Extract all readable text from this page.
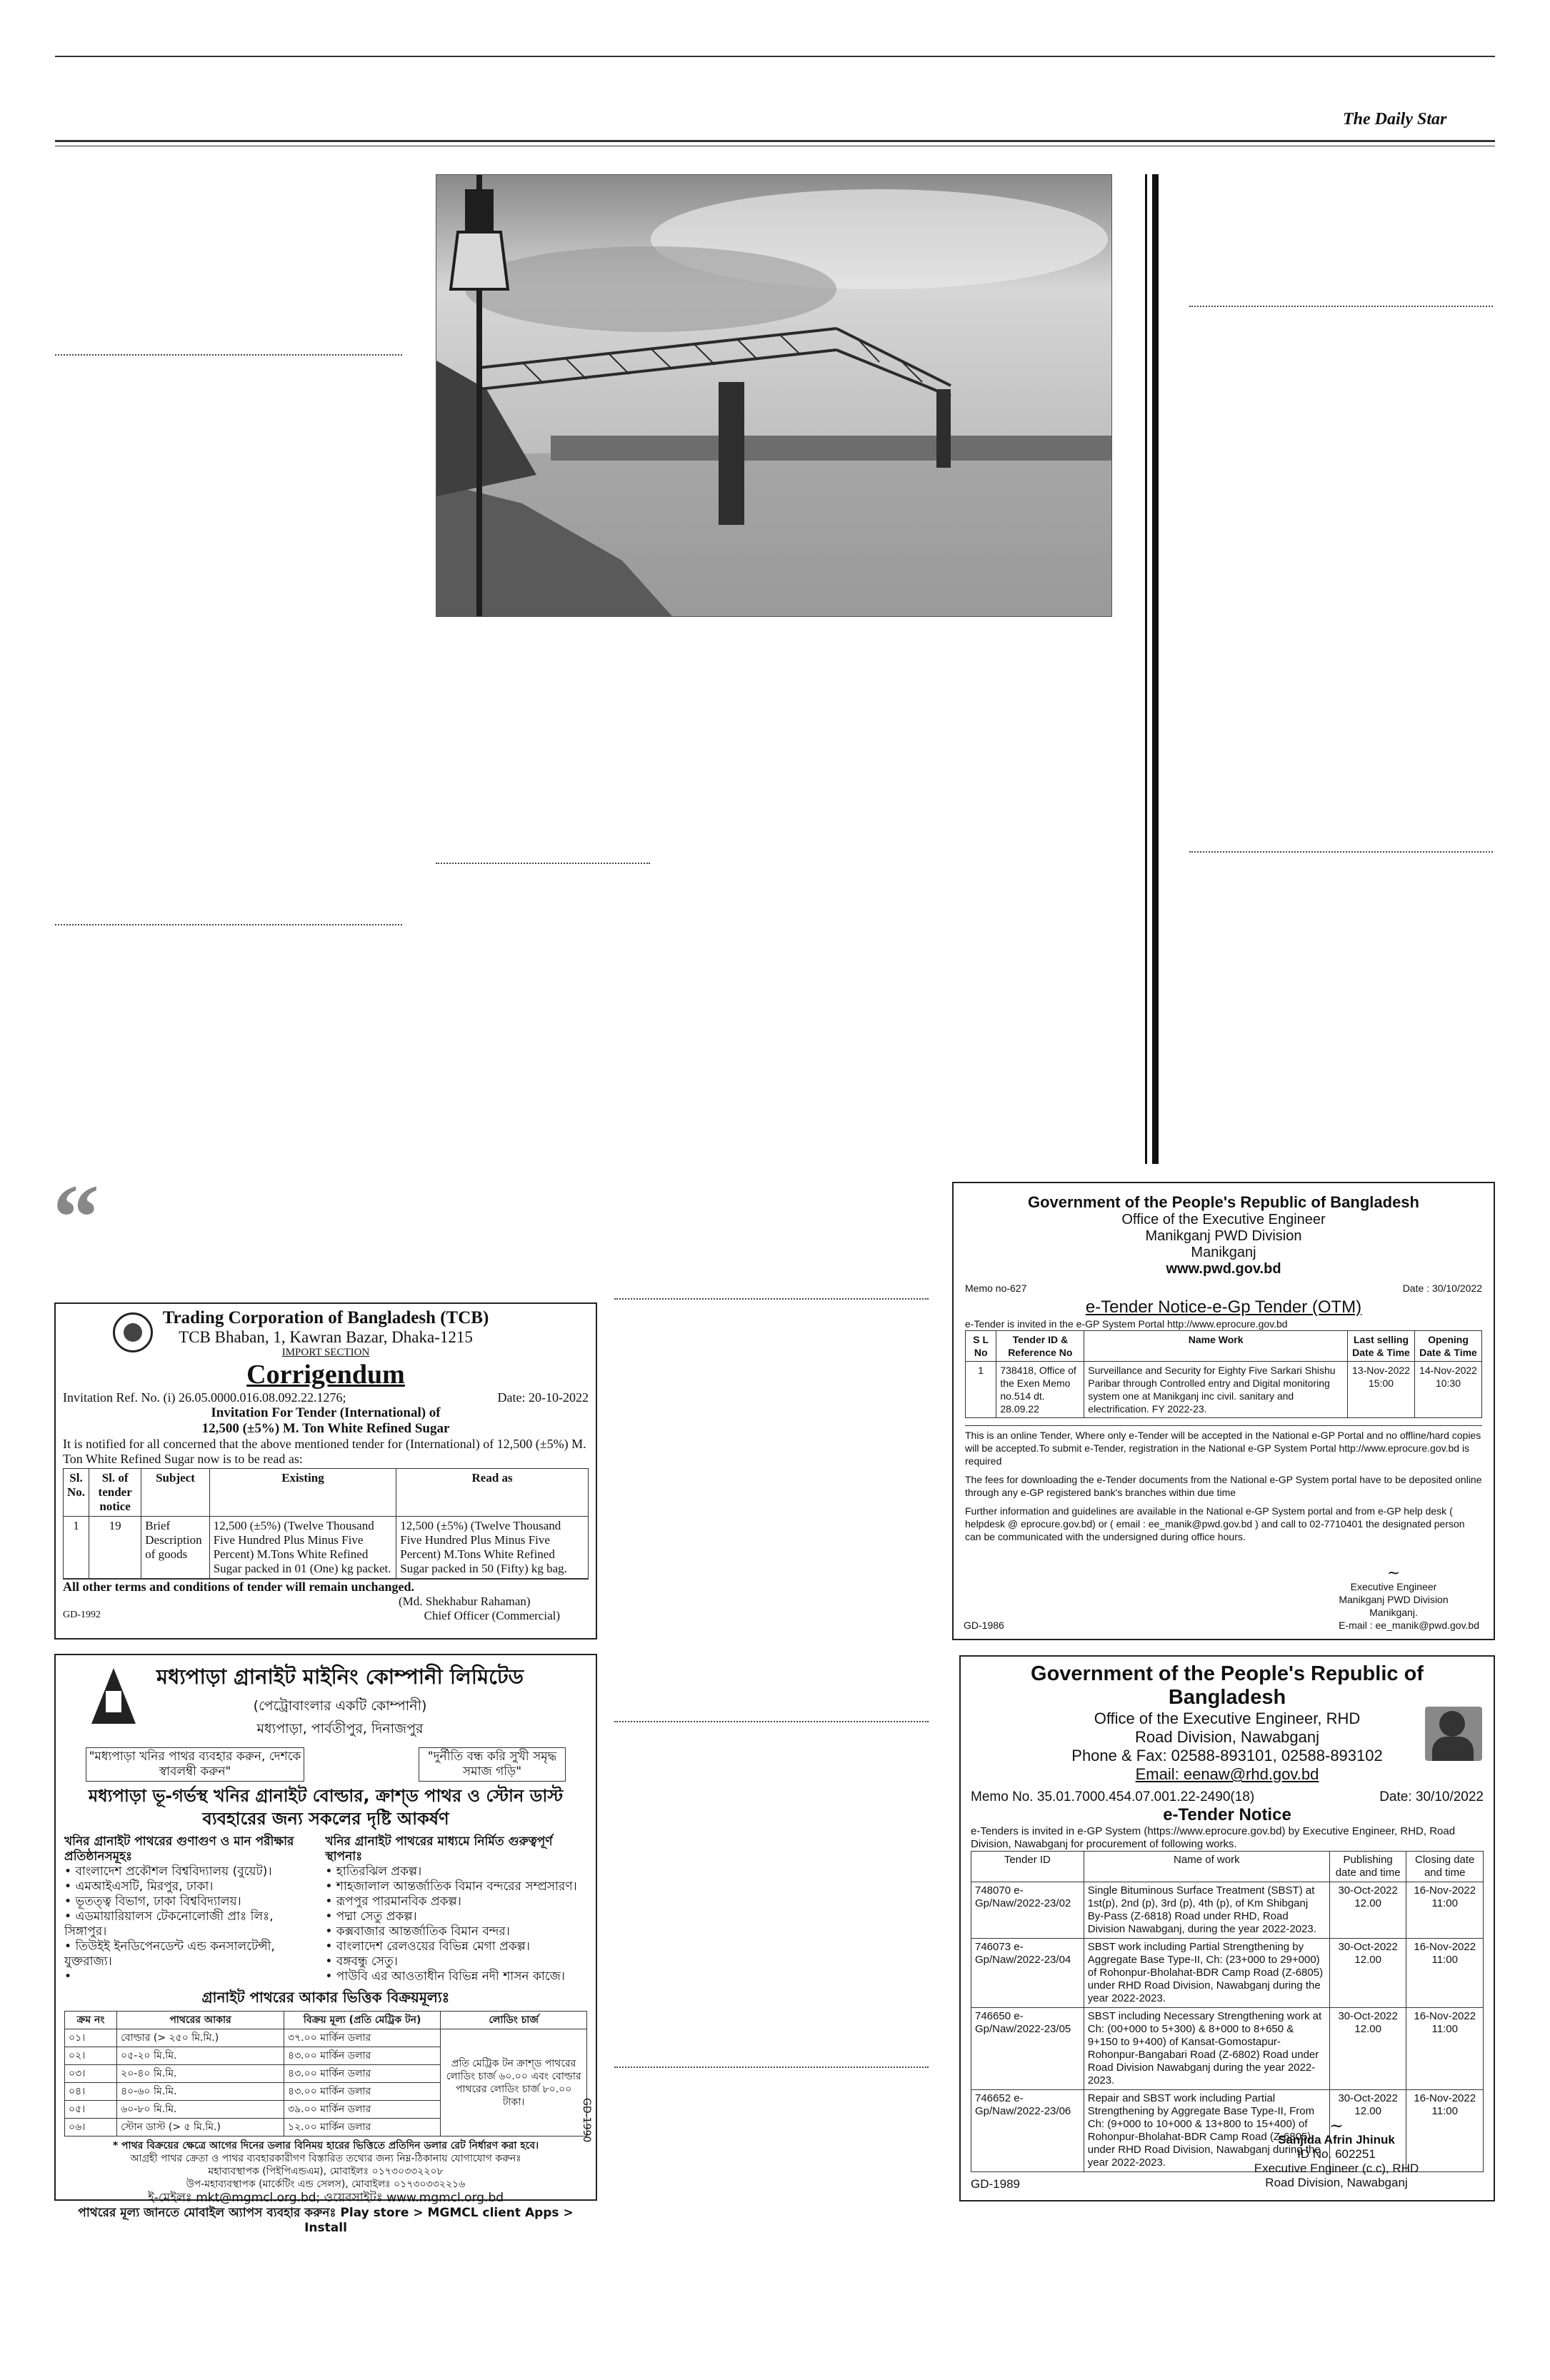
The Daily Star
“
Trading Corporation of Bangladesh (TCB)
TCB Bhaban, 1, Kawran Bazar, Dhaka-1215
IMPORT SECTION
Corrigendum
Invitation Ref. No. (i) 26.05.0000.016.08.092.22.1276;	Date: 20-10-2022
Invitation For Tender (International) of
12,500 (±5%) M. Ton White Refined Sugar
It is notified for all concerned that the above mentioned tender for (International) of 12,500 (±5%) M. Ton White Refined Sugar now is to be read as:
Sl. No.	Sl. of tender notice	Subject	Existing	Read as
1	19	Brief Description of goods	12,500 (±5%) (Twelve Thousand Five Hundred Plus Minus Five Percent) M.Tons White Refined Sugar packed in 01 (One) kg packet.	12,500 (±5%) (Twelve Thousand Five Hundred Plus Minus Five Percent) M.Tons White Refined Sugar packed in 50 (Fifty) kg bag.
All other terms and conditions of tender will remain unchanged.
(Md. Shekhabur Rahaman)
GD-1992	Chief Officer (Commercial)
মধ্যপাড়া গ্রানাইট মাইনিং কোম্পানী লিমিটেড
(পেট্রোবাংলার একটি কোম্পানী)
মধ্যপাড়া, পার্বতীপুর, দিনাজপুর
"মধ্যপাড়া খনির পাথর ব্যবহার করুন, দেশকে স্বাবলম্বী করুন"
"দুর্নীতি বন্ধ করি সুখী সমৃদ্ধ সমাজ গড়ি"
মধ্যপাড়া ভূ-গর্ভস্থ খনির গ্রানাইট বোল্ডার, ক্রাশ্ড পাথর ও স্টোন ডাস্ট ব্যবহারের জন্য সকলের দৃষ্টি আকর্ষণ
খনির গ্রানাইট পাথরের গুণাগুণ ও মান পরীক্ষার প্রতিষ্ঠানসমূহঃ
• বাংলাদেশ প্রকৌশল বিশ্ববিদ্যালয় (বুয়েট)।
• এমআইএসটি, মিরপুর, ঢাকা।
• ভূতত্ত্ব বিভাগ, ঢাকা বিশ্ববিদ্যালয়।
• এডমায়ারিয়ালস টেকনোলোজী প্রাঃ লিঃ, সিঙ্গাপুর।
• তিউইই ইনডিপেনডেন্ট এন্ড কনসালটেন্সী, যুক্তরাজ্য।
•
খনির গ্রানাইট পাথরের মাধ্যমে নির্মিত গুরুত্বপূর্ণ স্থাপনাঃ
• হাতিরঝিল প্রকল্প।
• শাহজালাল আন্তর্জাতিক বিমান বন্দরের সম্প্রসারণ।
• রূপপুর পারমানবিক প্রকল্প।
• পদ্মা সেতু প্রকল্প।
• কক্সবাজার আন্তর্জাতিক বিমান বন্দর।
• বাংলাদেশ রেলওয়ের বিভিন্ন মেগা প্রকল্প।
• বঙ্গবন্ধু সেতু।
• পাউবি এর আওতাধীন বিভিন্ন নদী শাসন কাজে।
গ্রানাইট পাথরের আকার ভিত্তিক বিক্রয়মূল্যঃ
ক্রম নং	পাথরের আকার	বিক্রয় মূল্য (প্রতি মেট্রিক টন)	লোডিং চার্জ
০১।	বোল্ডার (> ২৫০ মি.মি.)	৩৭.০০ মার্কিন ডলার	প্রতি মেট্রিক টন ক্রাশ্ড পাথরের লোডিং চার্জ ৬০.০০ এবং বোল্ডার পাথরের লোডিং চার্জ ৮০.০০ টাকা।
০২।	০৫-২০ মি.মি.	৪৩.০০ মার্কিন ডলার	
০৩।	২০-৪০ মি.মি.	৪৩.০০ মার্কিন ডলার	
০৪।	৪০-৬০ মি.মি.	৪৩.০০ মার্কিন ডলার	
০৫।	৬০-৮০ মি.মি.	৩৯.০০ মার্কিন ডলার	
০৬।	স্টোন ডাস্ট (> ৫ মি.মি.)	১২.০০ মার্কিন ডলার	
* পাথর বিক্রয়ের ক্ষেত্রে আগের দিনের ডলার বিনিময় হারের ভিত্তিতে প্রতিদিন ডলার রেট নির্ধারণ করা হবে।
আগ্রহী পাথর ক্রেতা ও পাথর ব্যবহারকারীগণ বিস্তারিত তথ্যের জন্য নিম্ন-ঠিকানায় যোগাযোগ করুনঃ
মহাব্যবস্থাপক (পিইপিএন্ডএম), মোবাইলঃ ০১৭৩০৩৩২২০৮
উপ-মহাব্যবস্থাপক (মার্কেটিং এন্ড সেলস), মোবাইলঃ ০১৭৩০৩৩২২১৬
ই-মেইলঃ mkt@mgmcl.org.bd; ওয়েবসাইটঃ www.mgmcl.org.bd
পাথরের মূল্য জানতে মোবাইল অ্যাপস ব্যবহার করুনঃ Play store > MGMCL client Apps > Install
GD-1990
Government of the People's Republic of Bangladesh
Office of the Executive Engineer
Manikganj PWD Division
Manikganj
www.pwd.gov.bd
Memo no-627	Date : 30/10/2022
e-Tender Notice-e-Gp Tender (OTM)
e-Tender is invited in the e-GP System Portal http://www.eprocure.gov.bd
S L No	Tender ID & Reference No	Name Work	Last selling Date & Time	Opening Date & Time
1	738418, Office of the Exen Memo no.514 dt. 28.09.22	Surveillance and Security for Eighty Five Sarkari Shishu Paribar through Controlled entry and Digital monitoring system one at Manikganj inc civil. sanitary and electrification. FY 2022-23.	13-Nov-2022 15:00	14-Nov-2022 10:30
This is an online Tender, Where only e-Tender will be accepted in the National e-GP Portal and no offline/hard copies will be accepted.To submit e-Tender, registration in the National e-GP System Portal http://www.eprocure.gov.bd is required
The fees for downloading the e-Tender documents from the National e-GP System portal have to be deposited online through any e-GP registered bank's branches within due time
Further information and guidelines are available in the National e-GP System portal and from e-GP help desk ( helpdesk @ eprocure.gov.bd) or ( email : ee_manik@pwd.gov.bd ) and call to 02-7710401 the designated person can be communicated with the undersigned during office hours.
~
Executive Engineer
Manikganj PWD Division
Manikganj.
E-mail : ee_manik@pwd.gov.bd
GD-1986
Government of the People's Republic of Bangladesh
Office of the Executive Engineer, RHD
Road Division, Nawabganj
Phone & Fax: 02588-893101, 02588-893102
Email: eenaw@rhd.gov.bd
Memo No. 35.01.7000.454.07.001.22-2490(18)	Date: 30/10/2022
e-Tender Notice
e-Tenders is invited in e-GP System (https://www.eprocure.gov.bd) by Executive Engineer, RHD, Road Division, Nawabganj for procurement of following works.
Tender ID	Name of work	Publishing date and time	Closing date and time
748070 e-Gp/Naw/2022-23/02	Single Bituminous Surface Treatment (SBST) at 1st(p), 2nd (p), 3rd (p), 4th (p), of Km Shibganj By-Pass (Z-6818) Road under RHD, Road Division Nawabganj, during the year 2022-2023.	30-Oct-2022 12.00	16-Nov-2022 11:00
746073 e-Gp/Naw/2022-23/04	SBST work including Partial Strengthening by Aggregate Base Type-II, Ch: (23+000 to 29+000) of Rohonpur-Bholahat-BDR Camp Road (Z-6805) under RHD Road Division, Nawabganj during the year 2022-2023.	30-Oct-2022 12.00	16-Nov-2022 11:00
746650 e-Gp/Naw/2022-23/05	SBST including Necessary Strengthening work at Ch: (00+000 to 5+300) & 8+000 to 8+650 & 9+150 to 9+400) of Kansat-Gomostapur-Rohonpur-Bangabari Road (Z-6802) Road under Road Division Nawabganj during the year 2022-2023.	30-Oct-2022 12.00	16-Nov-2022 11:00
746652 e-Gp/Naw/2022-23/06	Repair and SBST work including Partial Strengthening by Aggregate Base Type-II, From Ch: (9+000 to 10+000 & 13+800 to 15+400) of Rohonpur-Bholahat-BDR Camp Road (Z-6805), under RHD Road Division, Nawabganj during the year 2022-2023.	30-Oct-2022 12.00	16-Nov-2022 11:00
~
Sanjida Afrin Jhinuk
ID No. 602251
Executive Engineer (c.c), RHD
Road Division, Nawabganj
GD-1989
